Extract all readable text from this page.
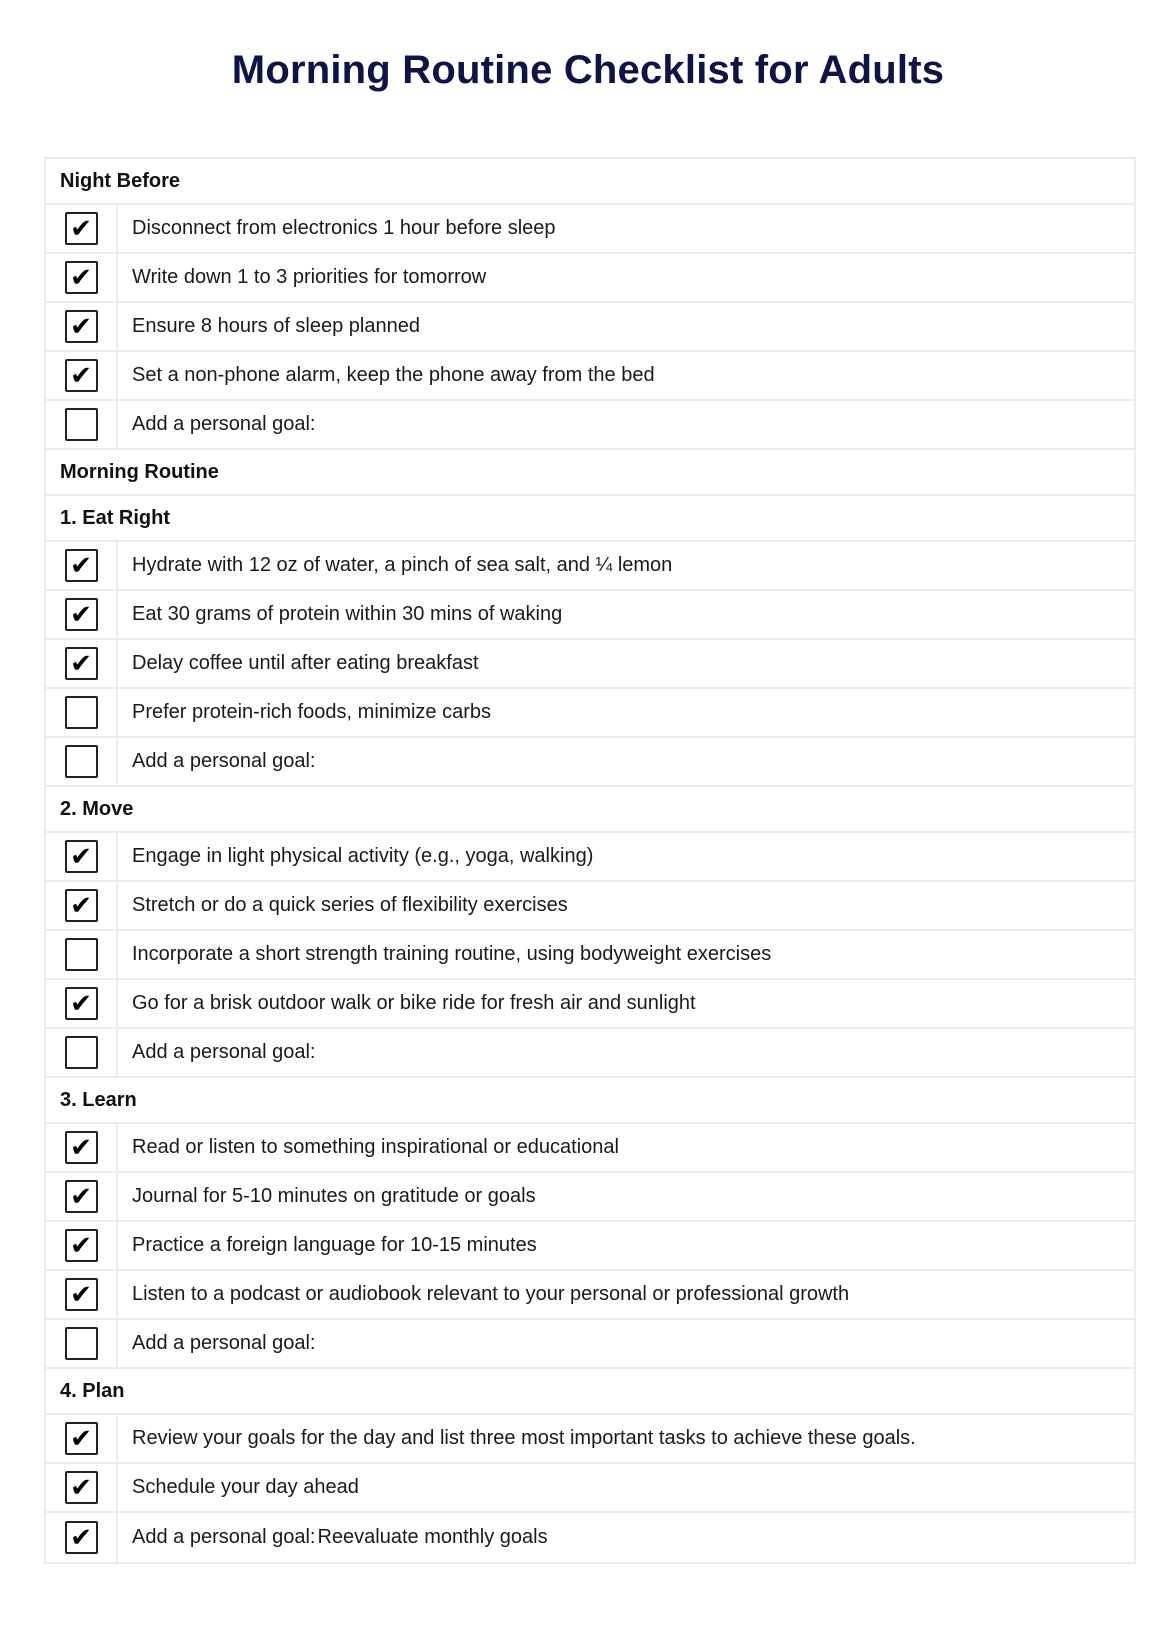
Morning Routine Checklist for Adults
Night Before
✔ Disconnect from electronics 1 hour before sleep
✔ Write down 1 to 3 priorities for tomorrow
✔ Ensure 8 hours of sleep planned
✔ Set a non-phone alarm, keep the phone away from the bed
Add a personal goal:
Morning Routine
1. Eat Right
✔ Hydrate with 12 oz of water, a pinch of sea salt, and ¼ lemon
✔ Eat 30 grams of protein within 30 mins of waking
✔ Delay coffee until after eating breakfast
Prefer protein-rich foods, minimize carbs
Add a personal goal:
2. Move
✔ Engage in light physical activity (e.g., yoga, walking)
✔ Stretch or do a quick series of flexibility exercises
Incorporate a short strength training routine, using bodyweight exercises
✔ Go for a brisk outdoor walk or bike ride for fresh air and sunlight
Add a personal goal:
3. Learn
✔ Read or listen to something inspirational or educational
✔ Journal for 5-10 minutes on gratitude or goals
✔ Practice a foreign language for 10-15 minutes
✔ Listen to a podcast or audiobook relevant to your personal or professional growth
Add a personal goal:
4. Plan
✔ Review your goals for the day and list three most important tasks to achieve these goals.
✔ Schedule your day ahead
✔ Add a personal goal: Reevaluate monthly goals
